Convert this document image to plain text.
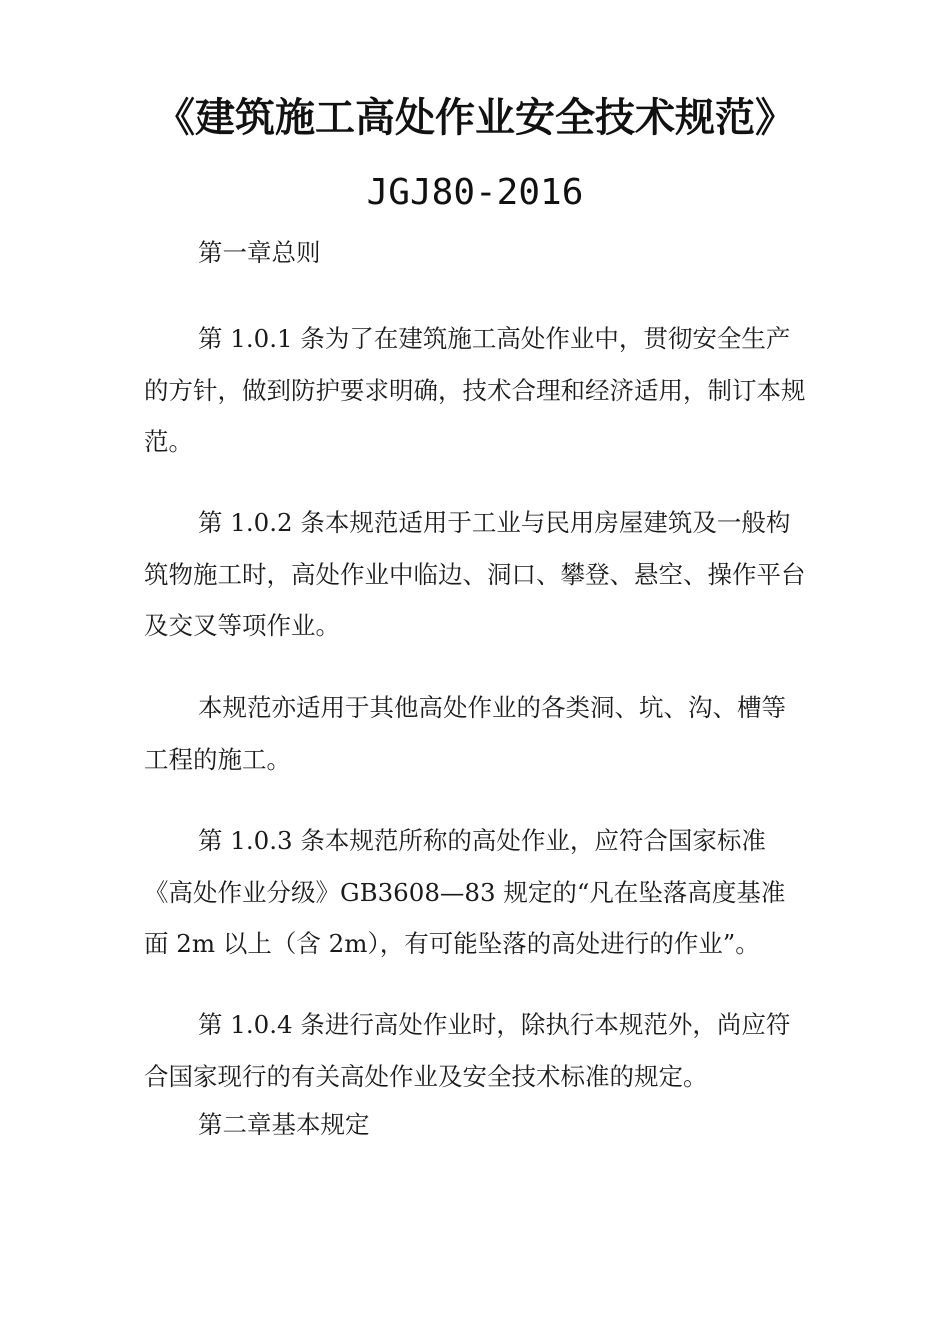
《建筑施工高处作业安全技术规范》
JGJ80-2016
第一章总则

第 1.0.1 条为了在建筑施工高处作业中，贯彻安全生产的方针，做到防护要求明确，技术合理和经济适用，制订本规范。

第 1.0.2 条本规范适用于工业与民用房屋建筑及一般构筑物施工时，高处作业中临边、洞口、攀登、悬空、操作平台及交叉等项作业。

本规范亦适用于其他高处作业的各类洞、坑、沟、槽等工程的施工。

第 1.0.3 条本规范所称的高处作业，应符合国家标准《高处作业分级》GB3608—83 规定的“凡在坠落高度基准面 2m 以上（含 2m），有可能坠落的高处进行的作业”。

第 1.0.4 条进行高处作业时，除执行本规范外，尚应符合国家现行的有关高处作业及安全技术标准的规定。

第二章基本规定
